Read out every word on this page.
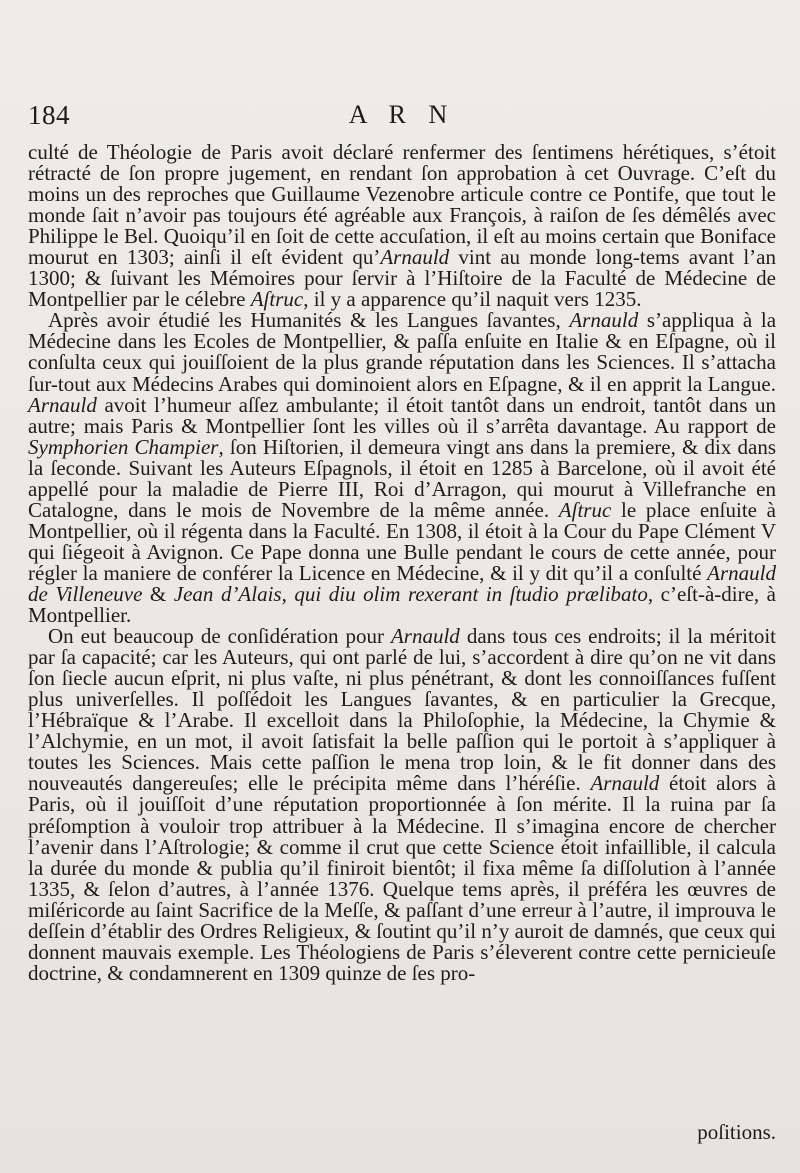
184	A R N

culté de Théologie de Paris avoit déclaré renfermer des ſentimens hérétiques, s’étoit rétracté de ſon propre jugement, en rendant ſon approbation à cet Ouvrage. C’eſt du moins un des reproches que Guillaume Vezenobre articule contre ce Pontife, que tout le monde ſait n’avoir pas toujours été agréable aux François, à raiſon de ſes démêlés avec Philippe le Bel. Quoiqu’il en ſoit de cette accuſation, il eſt au moins certain que Boniface mourut en 1303; ainſi il eſt évident qu’Arnauld vint au monde long-tems avant l’an 1300; & ſuivant les Mémoires pour ſervir à l’Hiſtoire de la Faculté de Médecine de Montpellier par le célebre Aſtruc, il y a apparence qu’il naquit vers 1235.

Après avoir étudié les Humanités & les Langues ſavantes, Arnauld s’appliqua à la Médecine dans les Ecoles de Montpellier, & paſſa enſuite en Italie & en Eſpagne, où il conſulta ceux qui jouiſſoient de la plus grande réputation dans les Sciences. Il s’attacha ſur-tout aux Médecins Arabes qui dominoient alors en Eſpagne, & il en apprit la Langue. Arnauld avoit l’humeur aſſez ambulante; il étoit tantôt dans un endroit, tantôt dans un autre; mais Paris & Montpellier ſont les villes où il s’arrêta davantage. Au rapport de Symphorien Champier, ſon Hiſtorien, il demeura vingt ans dans la premiere, & dix dans la ſeconde. Suivant les Auteurs Eſpagnols, il étoit en 1285 à Barcelone, où il avoit été appellé pour la maladie de Pierre III, Roi d’Arragon, qui mourut à Villefranche en Catalogne, dans le mois de Novembre de la même année. Aſtruc le place enſuite à Montpellier, où il régenta dans la Faculté. En 1308, il étoit à la Cour du Pape Clément V qui ſiégeoit à Avignon. Ce Pape donna une Bulle pendant le cours de cette année, pour régler la maniere de conférer la Licence en Médecine, & il y dit qu’il a conſulté Arnauld de Villeneuve & Jean d’Alais, qui diu olim rexerant in ſtudio prælibato, c’eſt-à-dire, à Montpellier.

On eut beaucoup de conſidération pour Arnauld dans tous ces endroits; il la méritoit par ſa capacité; car les Auteurs, qui ont parlé de lui, s’accordent à dire qu’on ne vit dans ſon ſiecle aucun eſprit, ni plus vaſte, ni plus pénétrant, & dont les connoiſſances fuſſent plus univerſelles. Il poſſédoit les Langues ſavantes, & en particulier la Grecque, l’Hébraïque & l’Arabe. Il excelloit dans la Philoſophie, la Médecine, la Chymie & l’Alchymie, en un mot, il avoit ſatisfait la belle paſſion qui le portoit à s’appliquer à toutes les Sciences. Mais cette paſſion le mena trop loin, & le fit donner dans des nouveautés dangereuſes; elle le précipita même dans l’héréſie. Arnauld étoit alors à Paris, où il jouiſſoit d’une réputation proportionnée à ſon mérite. Il la ruina par ſa préſomption à vouloir trop attribuer à la Médecine. Il s’imagina encore de chercher l’avenir dans l’Aſtrologie; & comme il crut que cette Science étoit infaillible, il calcula la durée du monde & publia qu’il finiroit bientôt; il fixa même ſa diſſolution à l’année 1335, & ſelon d’autres, à l’année 1376. Quelque tems après, il préféra les œuvres de miſéricorde au ſaint Sacrifice de la Meſſe, & paſſant d’une erreur à l’autre, il improuva le deſſein d’établir des Ordres Religieux, & ſoutint qu’il n’y auroit de damnés, que ceux qui donnent mauvais exemple. Les Théologiens de Paris s’éleverent contre cette pernicieuſe doctrine, & condamnerent en 1309 quinze de ſes pro-

poſitions.
